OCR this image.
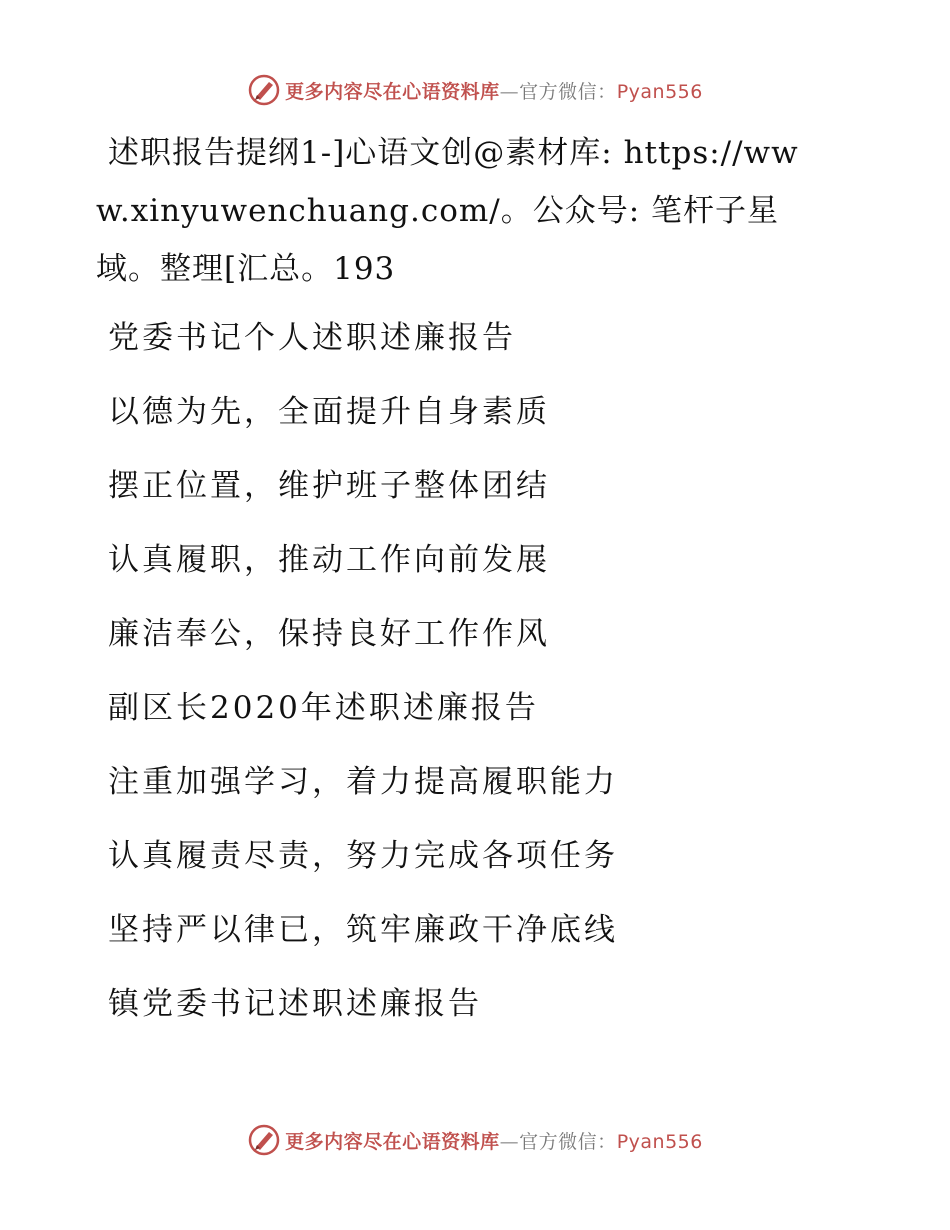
更多内容尽在心语资料库—官方微信：Pyan556
述职报告提纲1-]心语文创@素材库: https://www.xinyuwenchuang.com/。公众号: 笔杆子星域。整理[汇总。193
党委书记个人述职述廉报告
以德为先，全面提升自身素质
摆正位置，维护班子整体团结
认真履职，推动工作向前发展
廉洁奉公，保持良好工作作风
副区长2020年述职述廉报告
注重加强学习，着力提高履职能力
认真履责尽责，努力完成各项任务
坚持严以律已，筑牢廉政干净底线
镇党委书记述职述廉报告
更多内容尽在心语资料库—官方微信：Pyan556
